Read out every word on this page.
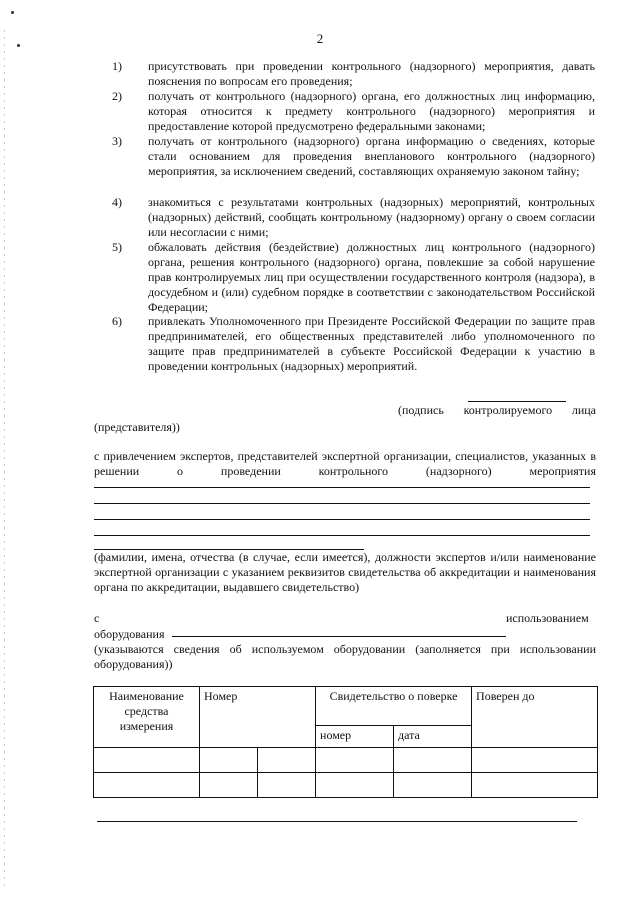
2
1)	присутствовать при проведении контрольного (надзорного) мероприятия, давать пояснения по вопросам его проведения;
2)	получать от контрольного (надзорного) органа, его должностных лиц информацию, которая относится к предмету контрольного (надзорного) мероприятия и предоставление которой предусмотрено федеральными законами;
3)	получать от контрольного (надзорного) органа информацию о сведениях, которые стали основанием для проведения внепланового контрольного (надзорного) мероприятия, за исключением сведений, составляющих охраняемую законом тайну;
4)	знакомиться с результатами контрольных (надзорных) мероприятий, контрольных (надзорных) действий, сообщать контрольному (надзорному) органу о своем согласии или несогласии с ними;
5)	обжаловать действия (бездействие) должностных лиц контрольного (надзорного) органа, решения контрольного (надзорного) органа, повлекшие за собой нарушение прав контролируемых лиц при осуществлении государственного контроля (надзора), в досудебном и (или) судебном порядке в соответствии с законодательством Российской Федерации;
6)	привлекать Уполномоченного при Президенте Российской Федерации по защите прав предпринимателей, его общественных представителей либо уполномоченного по защите прав предпринимателей в субъекте Российской Федерации к участию в проведении контрольных (надзорных) мероприятий.
(подпись контролируемого лица
(представителя))
с привлечением экспертов, представителей экспертной организации, специалистов, указанных в решении о проведении контрольного (надзорного) мероприятия
(фамилии, имена, отчества (в случае, если имеется), должности экспертов и/или наименование экспертной организации с указанием реквизитов свидетельства об аккредитации и наименования органа по аккредитации, выдавшего свидетельство)
с	использованием
оборудования
(указываются сведения об используемом оборудовании (заполняется при использовании оборудования))
Наименование средства измерения	Номер		Свидетельство о поверке		Поверен до
			номер	дата	
